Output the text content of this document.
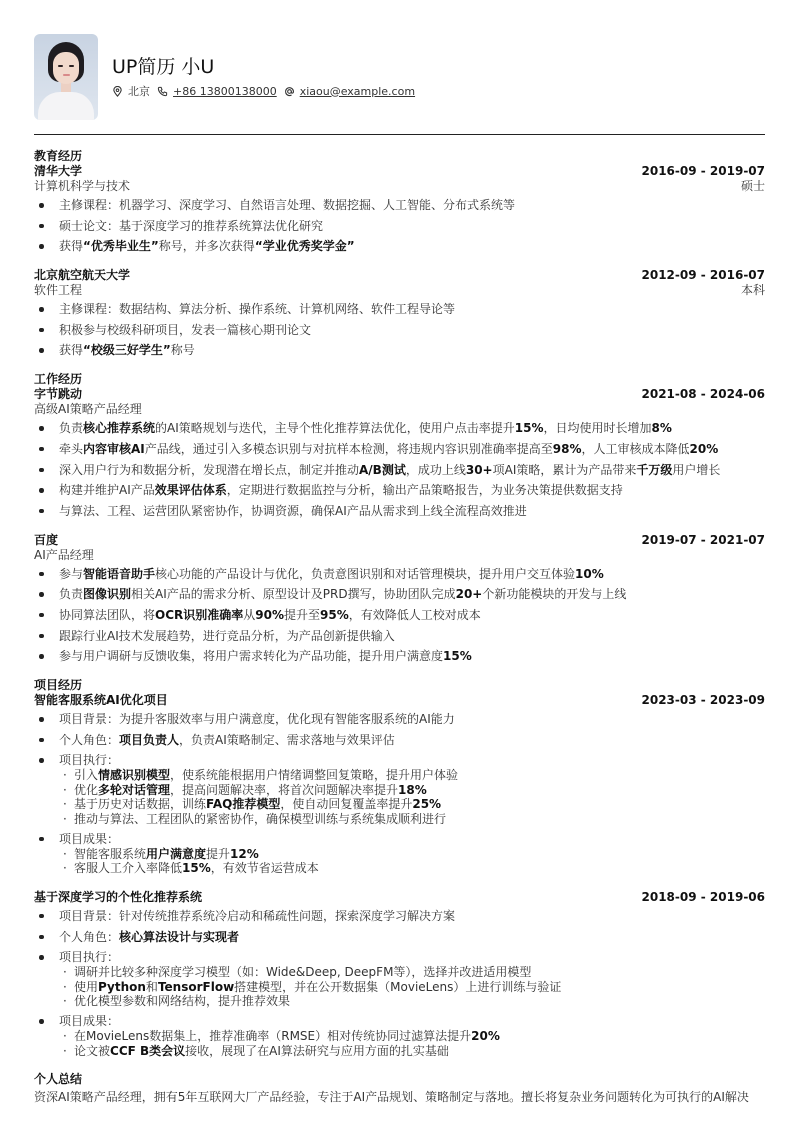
UP简历 小U
北京 +86 13800138000 xiaou@example.com
教育经历
清华大学	2016-09 - 2019-07
计算机科学与技术	硕士
主修课程：机器学习、深度学习、自然语言处理、数据挖掘、人工智能、分布式系统等
硕士论文：基于深度学习的推荐系统算法优化研究
获得“优秀毕业生”称号，并多次获得“学业优秀奖学金”
北京航空航天大学	2012-09 - 2016-07
软件工程	本科
主修课程：数据结构、算法分析、操作系统、计算机网络、软件工程导论等
积极参与校级科研项目，发表一篇核心期刊论文
获得“校级三好学生”称号
工作经历
字节跳动	2021-08 - 2024-06
高级AI策略产品经理
负责核心推荐系统的AI策略规划与迭代，主导个性化推荐算法优化，使用户点击率提升15%，日均使用时长增加8%
牵头内容审核AI产品线，通过引入多模态识别与对抗样本检测，将违规内容识别准确率提高至98%，人工审核成本降低20%
深入用户行为和数据分析，发现潜在增长点，制定并推动A/B测试，成功上线30+项AI策略，累计为产品带来千万级用户增长
构建并维护AI产品效果评估体系，定期进行数据监控与分析，输出产品策略报告，为业务决策提供数据支持
与算法、工程、运营团队紧密协作，协调资源，确保AI产品从需求到上线全流程高效推进
百度	2019-07 - 2021-07
AI产品经理
参与智能语音助手核心功能的产品设计与优化，负责意图识别和对话管理模块，提升用户交互体验10%
负责图像识别相关AI产品的需求分析、原型设计及PRD撰写，协助团队完成20+个新功能模块的开发与上线
协同算法团队，将OCR识别准确率从90%提升至95%，有效降低人工校对成本
跟踪行业AI技术发展趋势，进行竞品分析，为产品创新提供输入
参与用户调研与反馈收集，将用户需求转化为产品功能，提升用户满意度15%
项目经历
智能客服系统AI优化项目	2023-03 - 2023-09
项目背景：为提升客服效率与用户满意度，优化现有智能客服系统的AI能力
个人角色：项目负责人，负责AI策略制定、需求落地与效果评估
项目执行：
· 引入情感识别模型，使系统能根据用户情绪调整回复策略，提升用户体验
· 优化多轮对话管理，提高问题解决率，将首次问题解决率提升18%
· 基于历史对话数据，训练FAQ推荐模型，使自动回复覆盖率提升25%
· 推动与算法、工程团队的紧密协作，确保模型训练与系统集成顺利进行
项目成果：
· 智能客服系统用户满意度提升12%
· 客服人工介入率降低15%，有效节省运营成本
基于深度学习的个性化推荐系统	2018-09 - 2019-06
项目背景：针对传统推荐系统冷启动和稀疏性问题，探索深度学习解决方案
个人角色：核心算法设计与实现者
项目执行：
· 调研并比较多种深度学习模型（如：Wide&Deep, DeepFM等），选择并改进适用模型
· 使用Python和TensorFlow搭建模型，并在公开数据集（MovieLens）上进行训练与验证
· 优化模型参数和网络结构，提升推荐效果
项目成果：
· 在MovieLens数据集上，推荐准确率（RMSE）相对传统协同过滤算法提升20%
· 论文被CCF B类会议接收，展现了在AI算法研究与应用方面的扎实基础
个人总结
资深AI策略产品经理，拥有5年互联网大厂产品经验，专注于AI产品规划、策略制定与落地。擅长将复杂业务问题转化为可执行的AI解决
